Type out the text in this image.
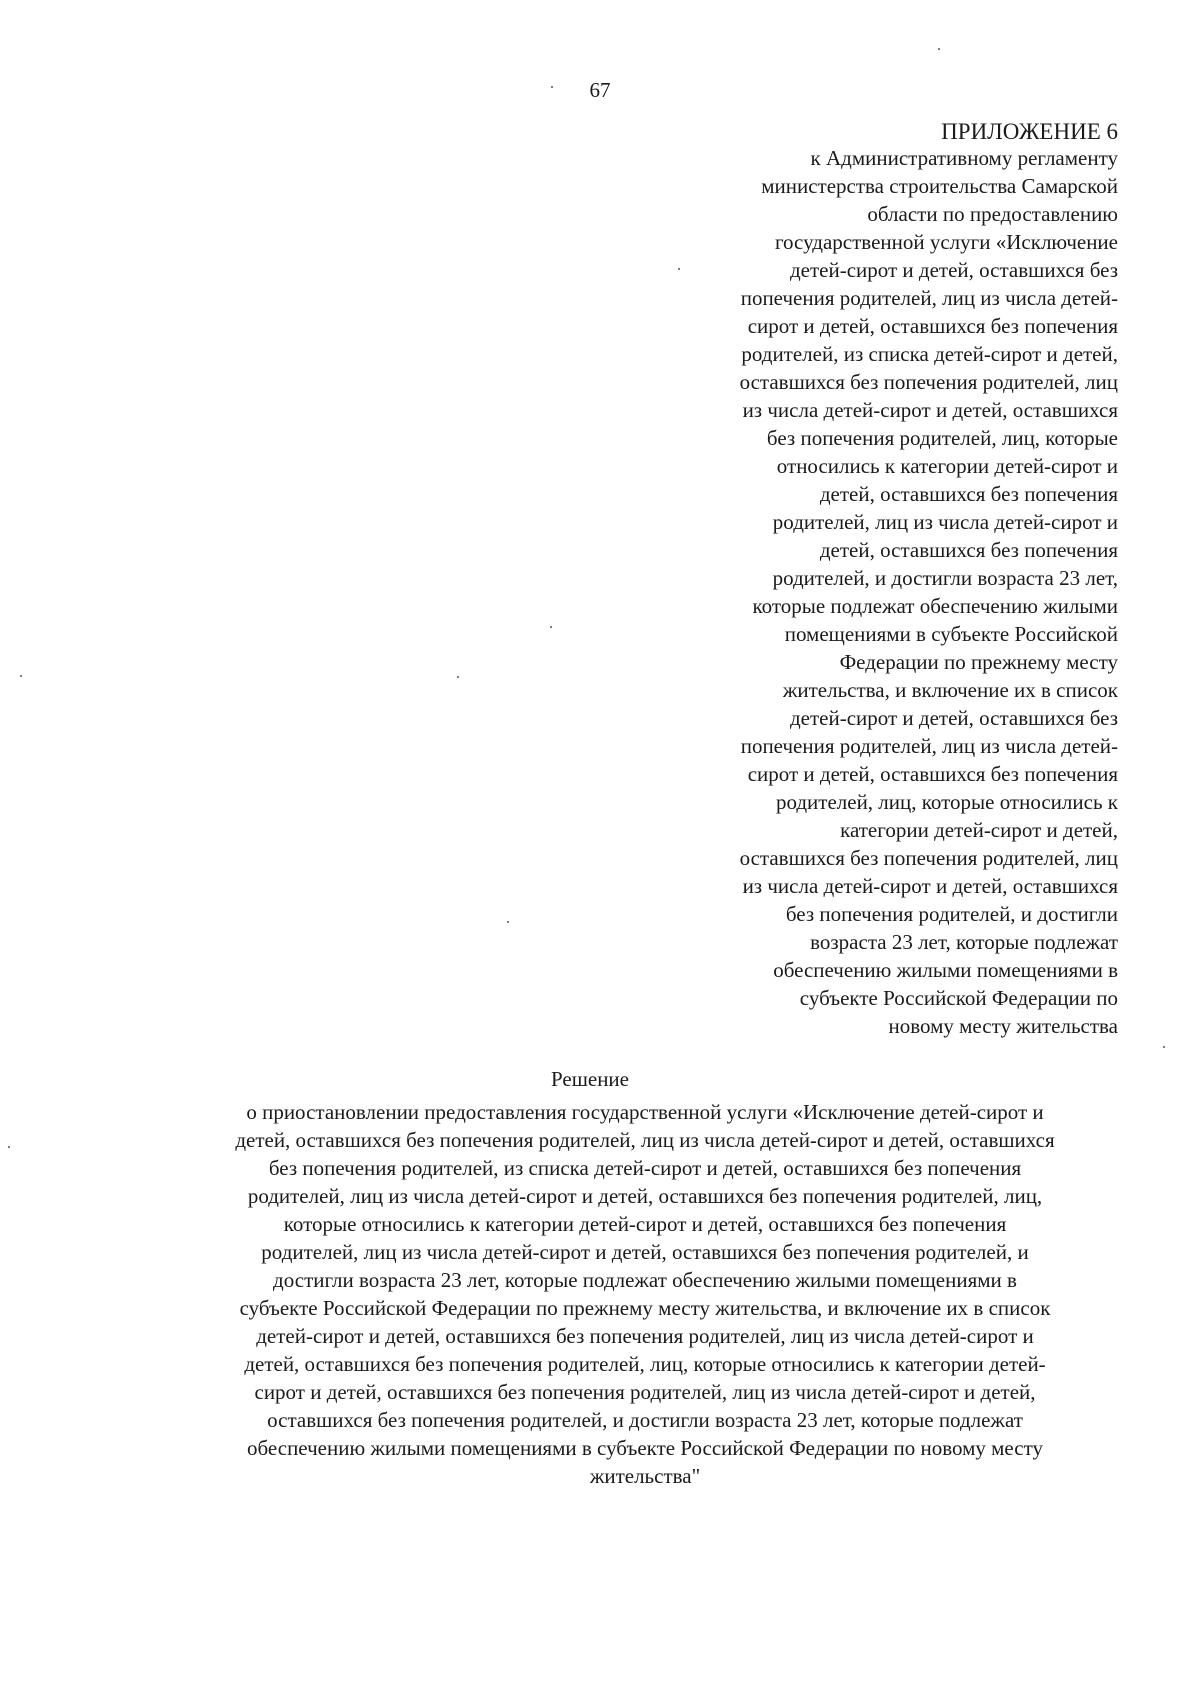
67
ПРИЛОЖЕНИЕ 6
к Административному регламенту
министерства строительства Самарской
области по предоставлению
государственной услуги «Исключение
детей-сирот и детей, оставшихся без
попечения родителей, лиц из числа детей-
сирот и детей, оставшихся без попечения
родителей, из списка детей-сирот и детей,
оставшихся без попечения родителей, лиц
из числа детей-сирот и детей, оставшихся
без попечения родителей, лиц, которые
относились к категории детей-сирот и
детей, оставшихся без попечения
родителей, лиц из числа детей-сирот и
детей, оставшихся без попечения
родителей, и достигли возраста 23 лет,
которые подлежат обеспечению жилыми
помещениями в субъекте Российской
Федерации по прежнему месту
жительства, и включение их в список
детей-сирот и детей, оставшихся без
попечения родителей, лиц из числа детей-
сирот и детей, оставшихся без попечения
родителей, лиц, которые относились к
категории детей-сирот и детей,
оставшихся без попечения родителей, лиц
из числа детей-сирот и детей, оставшихся
без попечения родителей, и достигли
возраста 23 лет, которые подлежат
обеспечению жилыми помещениями в
субъекте Российской Федерации по
новому месту жительства
Решение
о приостановлении предоставления государственной услуги «Исключение детей-сирот и
детей, оставшихся без попечения родителей, лиц из числа детей-сирот и детей, оставшихся
без попечения родителей, из списка детей-сирот и детей, оставшихся без попечения
родителей, лиц из числа детей-сирот и детей, оставшихся без попечения родителей, лиц,
которые относились к категории детей-сирот и детей, оставшихся без попечения
родителей, лиц из числа детей-сирот и детей, оставшихся без попечения родителей, и
достигли возраста 23 лет, которые подлежат обеспечению жилыми помещениями в
субъекте Российской Федерации по прежнему месту жительства, и включение их в список
детей-сирот и детей, оставшихся без попечения родителей, лиц из числа детей-сирот и
детей, оставшихся без попечения родителей, лиц, которые относились к категории детей-
сирот и детей, оставшихся без попечения родителей, лиц из числа детей-сирот и детей,
оставшихся без попечения родителей, и достигли возраста 23 лет, которые подлежат
обеспечению жилыми помещениями в субъекте Российской Федерации по новому месту
жительства"
